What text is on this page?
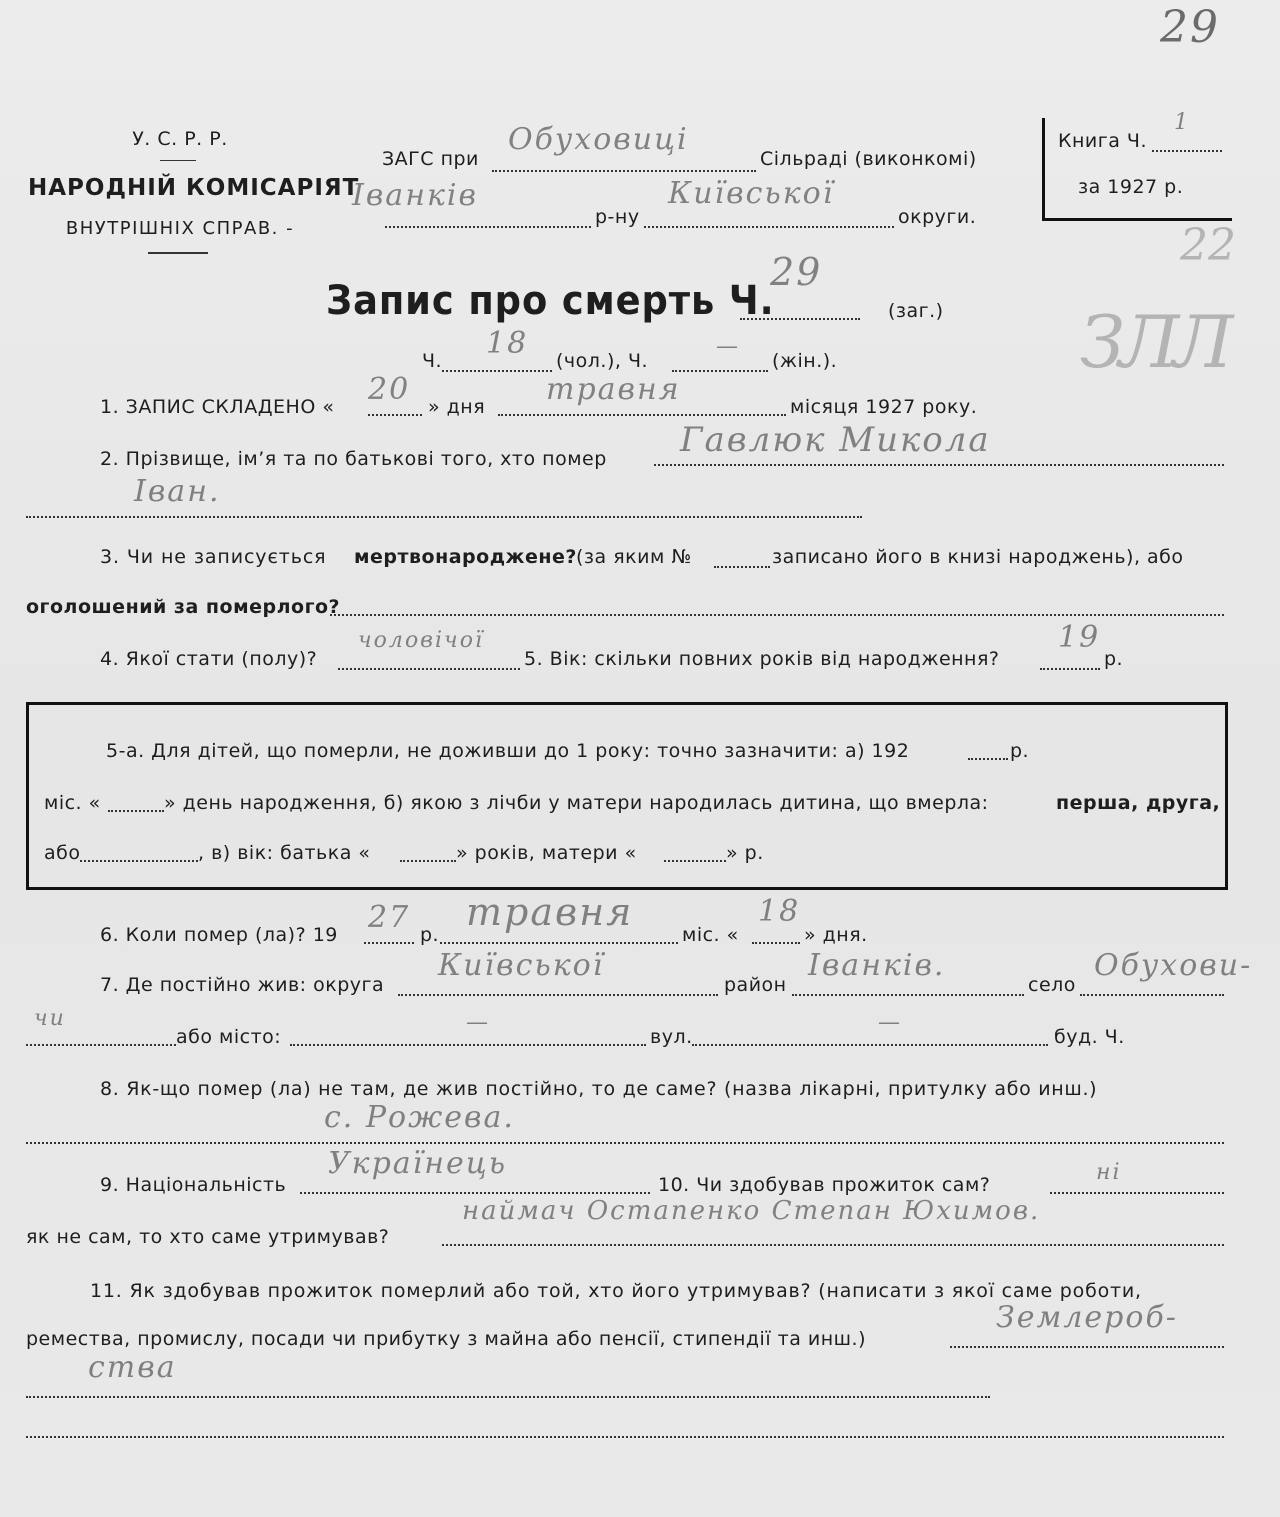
У. С. Р. Р.
НАРОДНІЙ КОМІСАРІЯТ
ВНУТРІШНІХ СПРАВ. -
ЗАГС при
Обуховиці
Сільраді (виконкомі)
Іванків
р-ну
Київської
округи.
Книга Ч.
1
за 1927 р.
29
22
ЗЛЛ
Запис про смерть Ч.
29
(заг.)
Ч. 18 (чол.), Ч.
—
(жін.).
1. ЗАПИС СКЛАДЕНО « 20 » дня травня	місяця 1927 року.
2. Прізвище, ім’я та по батькові того, хто помер Гавлюк Микола
Іван.
3. Чи не записується мертвонароджене? (за яким №	записано його в книзі народжень), або
оголошений за померлого?
4. Якої стати (полу)?
чоловічої
5. Вік: скільки повних років від народження?
19
р.
5-а. Для дітей, що померли, не доживши до 1 року: точно зазначити: а) 192	р.
міс. «	» день народження, б) якою з лічби у матери народилась дитина, що вмерла:	перша, друга,
або	, в) вік: батька «	» років, матери «	» р.
6. Коли помер (ла)? 19 27 р.
травня
міс. «
18
» дня.
7. Де постійно жив: округа
Київської
район
Іванків.
село
Обухови-
чи
або місто:
—
вул.
—
буд. Ч.
8. Як-що помер (ла) не там, де жив постійно, то де саме? (назва лікарні, притулку або инш.)
с. Рожева.
9. Національність
Українець
10. Чи здобував прожиток сам?	ні
як не сам, то хто саме утримував?
наймач Остапенко Степан Юхимов.
11. Як здобував прожиток померлий або той, хто його утримував? (написати з якої саме роботи,
ремества, промислу, посади чи прибутку з майна або пенсії, стипендії та инш.)
Землероб-
ства
